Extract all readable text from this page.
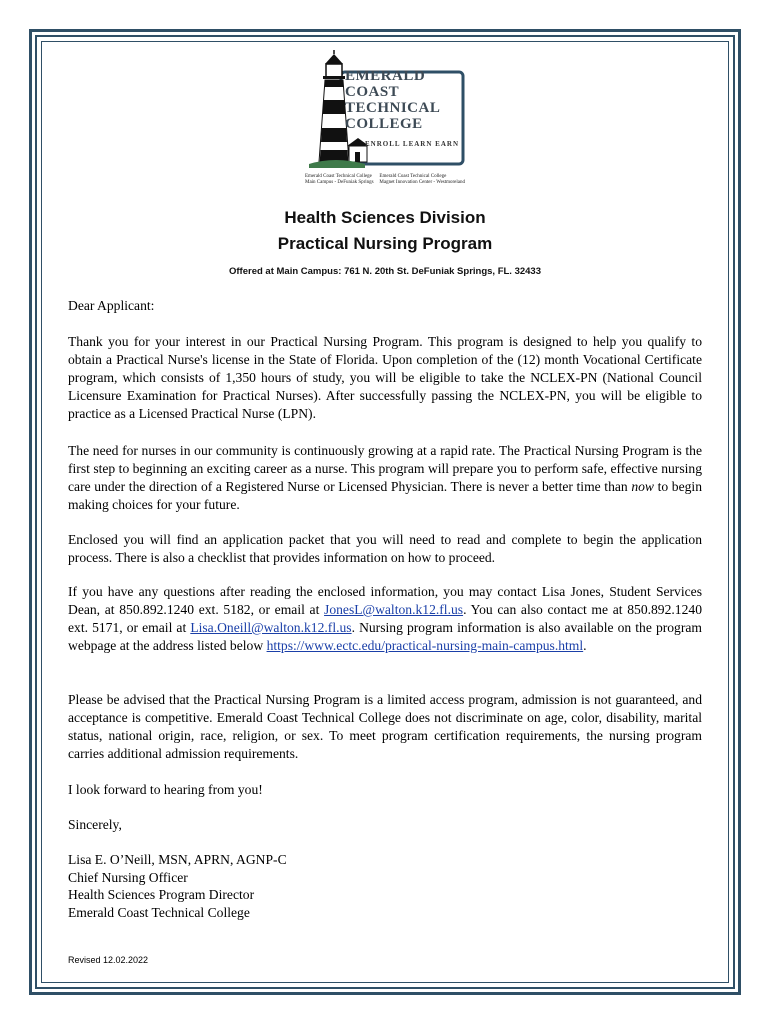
EMERALD
COAST
TECHNICAL
COLLEGE
ENROLL LEARN EARN
Emerald Coast Technical College
Main Campus - DeFuniak Springs
Emerald Coast Technical College
Magnet Innovation Center - Westmoreland
Health Sciences Division
Practical Nursing Program
Offered at Main Campus: 761 N. 20th St. DeFuniak Springs, FL. 32433

Dear Applicant:

Thank you for your interest in our Practical Nursing Program. This program is designed to help you qualify to obtain a Practical Nurse's license in the State of Florida. Upon completion of the (12) month Vocational Certificate program, which consists of 1,350 hours of study, you will be eligible to take the NCLEX-PN (National Council Licensure Examination for Practical Nurses). After successfully passing the NCLEX-PN, you will be eligible to practice as a Licensed Practical Nurse (LPN).

The need for nurses in our community is continuously growing at a rapid rate. The Practical Nursing Program is the first step to beginning an exciting career as a nurse. This program will prepare you to perform safe, effective nursing care under the direction of a Registered Nurse or Licensed Physician. There is never a better time than now to begin making choices for your future.

Enclosed you will find an application packet that you will need to read and complete to begin the application process. There is also a checklist that provides information on how to proceed.

If you have any questions after reading the enclosed information, you may contact Lisa Jones, Student Services Dean, at 850.892.1240 ext. 5182, or email at JonesL@walton.k12.fl.us. You can also contact me at 850.892.1240 ext. 5171, or email at Lisa.Oneill@walton.k12.fl.us. Nursing program information is also available on the program webpage at the address listed below https://www.ectc.edu/practical-nursing-main-campus.html.

Please be advised that the Practical Nursing Program is a limited access program, admission is not guaranteed, and acceptance is competitive. Emerald Coast Technical College does not discriminate on age, color, disability, marital status, national origin, race, religion, or sex. To meet program certification requirements, the nursing program carries additional admission requirements.

I look forward to hearing from you!

Sincerely,

Lisa E. O’Neill, MSN, APRN, AGNP-C
Chief Nursing Officer
Health Sciences Program Director
Emerald Coast Technical College
Revised 12.02.2022
